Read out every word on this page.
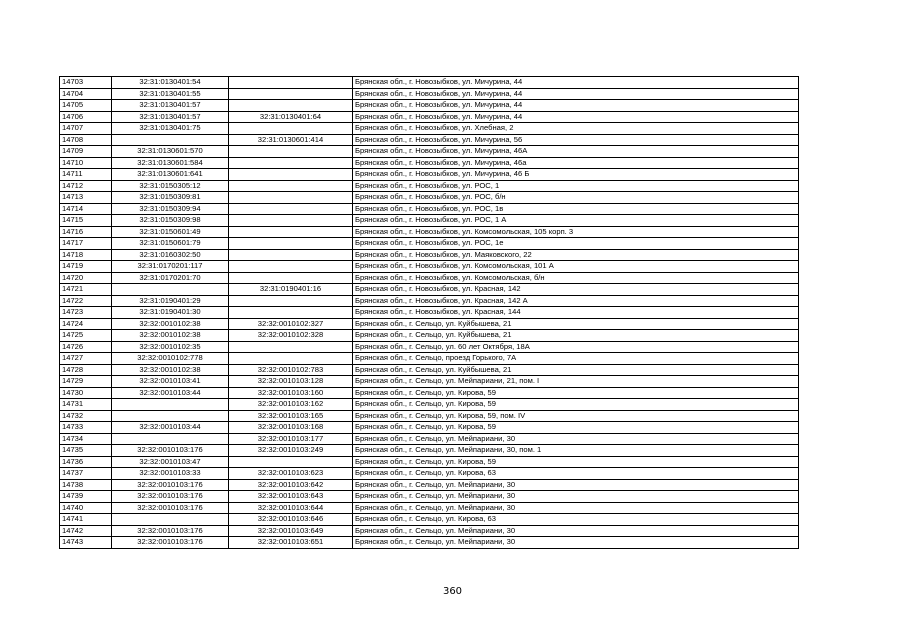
14703	32:31:0130401:54		Брянская обл., г. Новозыбков, ул. Мичурина, 44
14704	32:31:0130401:55		Брянская обл., г. Новозыбков, ул. Мичурина, 44
14705	32:31:0130401:57		Брянская обл., г. Новозыбков, ул. Мичурина, 44
14706	32:31:0130401:57	32:31:0130401:64	Брянская обл., г. Новозыбков, ул. Мичурина, 44
14707	32:31:0130401:75		Брянская обл., г. Новозыбков, ул. Хлебная, 2
14708		32:31:0130601:414	Брянская обл., г. Новозыбков, ул. Мичурина, 56
14709	32:31:0130601:570		Брянская обл., г. Новозыбков, ул. Мичурина, 46А
14710	32:31:0130601:584		Брянская обл., г. Новозыбков, ул. Мичурина, 46а
14711	32:31:0130601:641		Брянская обл., г. Новозыбков, ул. Мичурина, 46 Б
14712	32:31:0150305:12		Брянская обл., г. Новозыбков, ул. РОС, 1
14713	32:31:0150309:81		Брянская обл., г. Новозыбков, ул. РОС, б/н
14714	32:31:0150309:94		Брянская обл., г. Новозыбков, ул. РОС, 1в
14715	32:31:0150309:98		Брянская обл., г. Новозыбков, ул. РОС, 1 А
14716	32:31:0150601:49		Брянская обл., г. Новозыбков, ул. Комсомольская, 105 корп. 3
14717	32:31:0150601:79		Брянская обл., г. Новозыбков, ул. РОС, 1е
14718	32:31:0160302:50		Брянская обл., г. Новозыбков, ул. Маяковского, 22
14719	32:31:0170201:117		Брянская обл., г. Новозыбков, ул. Комсомольская, 101 А
14720	32:31:0170201:70		Брянская обл., г. Новозыбков, ул. Комсомольская, б/н
14721		32:31:0190401:16	Брянская обл., г. Новозыбков, ул. Красная, 142
14722	32:31:0190401:29		Брянская обл., г. Новозыбков, ул. Красная, 142 А
14723	32:31:0190401:30		Брянская обл., г. Новозыбков, ул. Красная, 144
14724	32:32:0010102:38	32:32:0010102:327	Брянская обл., г. Сельцо, ул. Куйбышева, 21
14725	32:32:0010102:38	32:32:0010102:328	Брянская обл., г. Сельцо, ул. Куйбышева, 21
14726	32:32:0010102:35		Брянская обл., г. Сельцо, ул. 60 лет Октября, 18А
14727	32:32:0010102:778		Брянская обл., г. Сельцо, проезд Горького, 7А
14728	32:32:0010102:38	32:32:0010102:783	Брянская обл., г. Сельцо, ул. Куйбышева, 21
14729	32:32:0010103:41	32:32:0010103:128	Брянская обл., г. Сельцо, ул. Мейпариани, 21, пом. I
14730	32:32:0010103:44	32:32:0010103:160	Брянская обл., г. Сельцо, ул. Кирова, 59
14731		32:32:0010103:162	Брянская обл., г. Сельцо, ул. Кирова, 59
14732		32:32:0010103:165	Брянская обл., г. Сельцо, ул. Кирова, 59, пом. IV
14733	32:32:0010103:44	32:32:0010103:168	Брянская обл., г. Сельцо, ул. Кирова, 59
14734		32:32:0010103:177	Брянская обл., г. Сельцо, ул. Мейпариани, 30
14735	32:32:0010103:176	32:32:0010103:249	Брянская обл., г. Сельцо, ул. Мейпариани, 30, пом. 1
14736	32:32:0010103:47		Брянская обл., г. Сельцо, ул. Кирова, 59
14737	32:32:0010103:33	32:32:0010103:623	Брянская обл., г. Сельцо, ул. Кирова, 63
14738	32:32:0010103:176	32:32:0010103:642	Брянская обл., г. Сельцо, ул. Мейпариани, 30
14739	32:32:0010103:176	32:32:0010103:643	Брянская обл., г. Сельцо, ул. Мейпариани, 30
14740	32:32:0010103:176	32:32:0010103:644	Брянская обл., г. Сельцо, ул. Мейпариани, 30
14741		32:32:0010103:646	Брянская обл., г. Сельцо, ул. Кирова, 63
14742	32:32:0010103:176	32:32:0010103:649	Брянская обл., г. Сельцо, ул. Мейпариани, 30
14743	32:32:0010103:176	32:32:0010103:651	Брянская обл., г. Сельцо, ул. Мейпариани, 30
360
